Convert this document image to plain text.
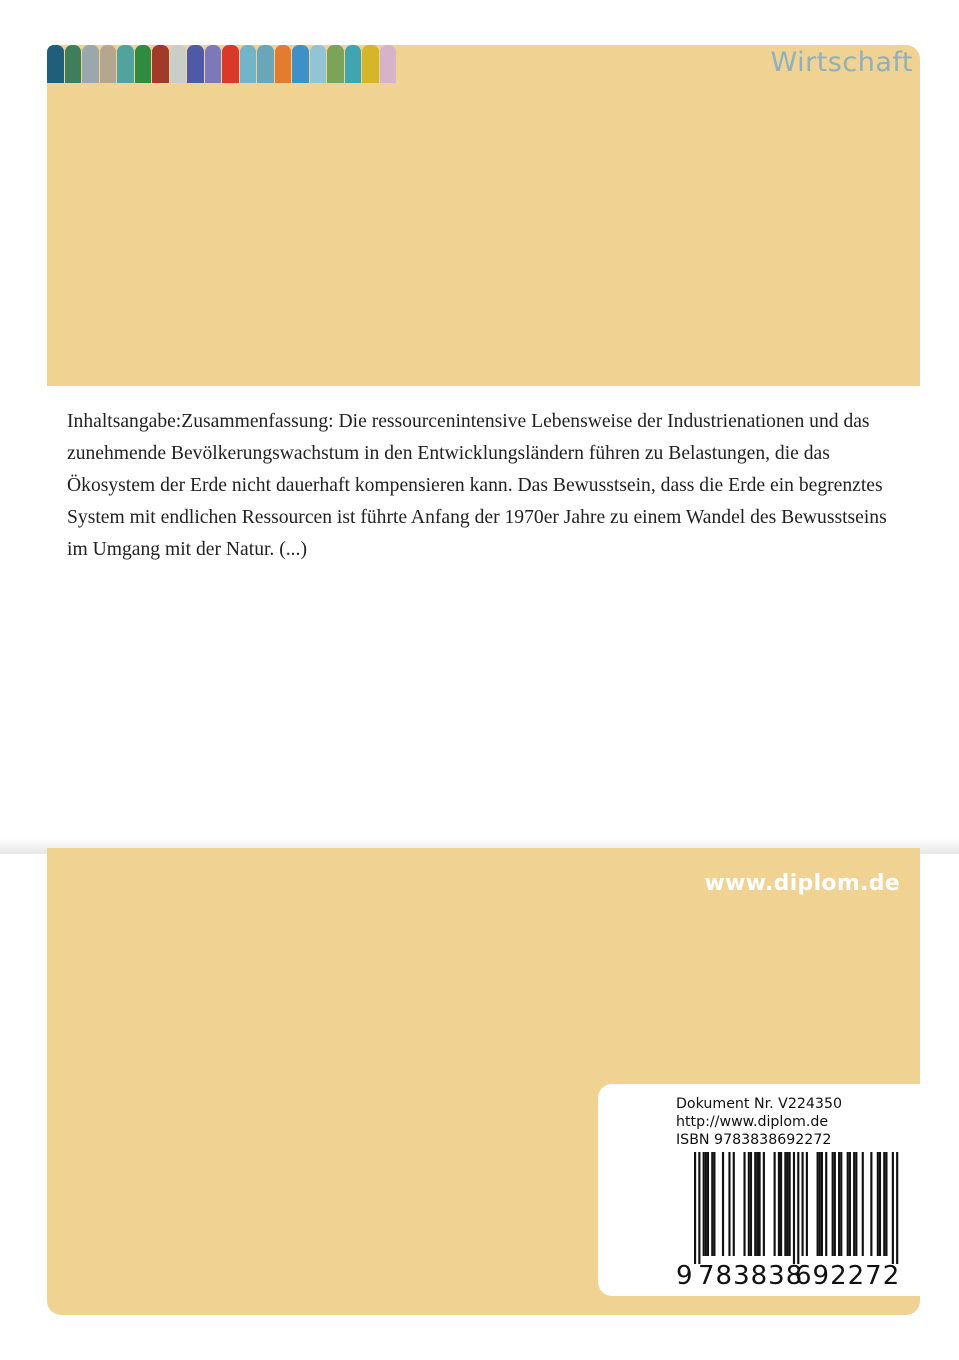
Wirtschaft
Inhaltsangabe:Zusammenfassung: Die ressourcenintensive Lebensweise der Industrienationen und das zunehmende Bevölkerungswachstum in den Entwicklungsländern führen zu Belastungen, die das Ökosystem der Erde nicht dauerhaft kompensieren kann. Das Bewusstsein, dass die Erde ein begrenztes System mit endlichen Ressourcen ist führte Anfang der 1970er Jahre zu einem Wandel des Bewusstseins im Umgang mit der Natur. (...)
www.diplom.de
Dokument Nr. V224350
http://www.diplom.de
ISBN 9783838692272
9 783838
692272
